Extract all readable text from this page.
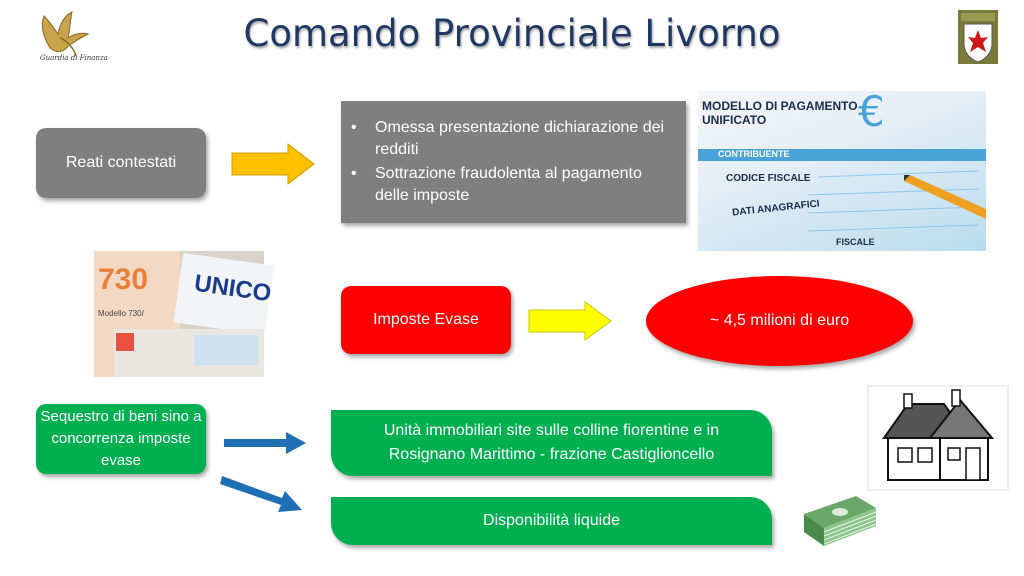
Guardia di Finanza
Comando Provinciale Livorno
Reati contestati
• Omessa presentazione dichiarazione dei redditi
• Sottrazione fraudolenta al pagamento delle imposte
MODELLO DI PAGAMENTO
UNIFICATO €
CONTRIBUENTE
CODICE FISCALE
DATI ANAGRAFICI
FISCALE
730
Modello 730/
UNICO
Imposte Evase	~ 4,5 milioni di euro
Sequestro di beni sino a concorrenza imposte evase
Unità immobiliari site sulle colline fiorentine e in Rosignano Marittimo - frazione Castiglioncello
Disponibilità liquide
